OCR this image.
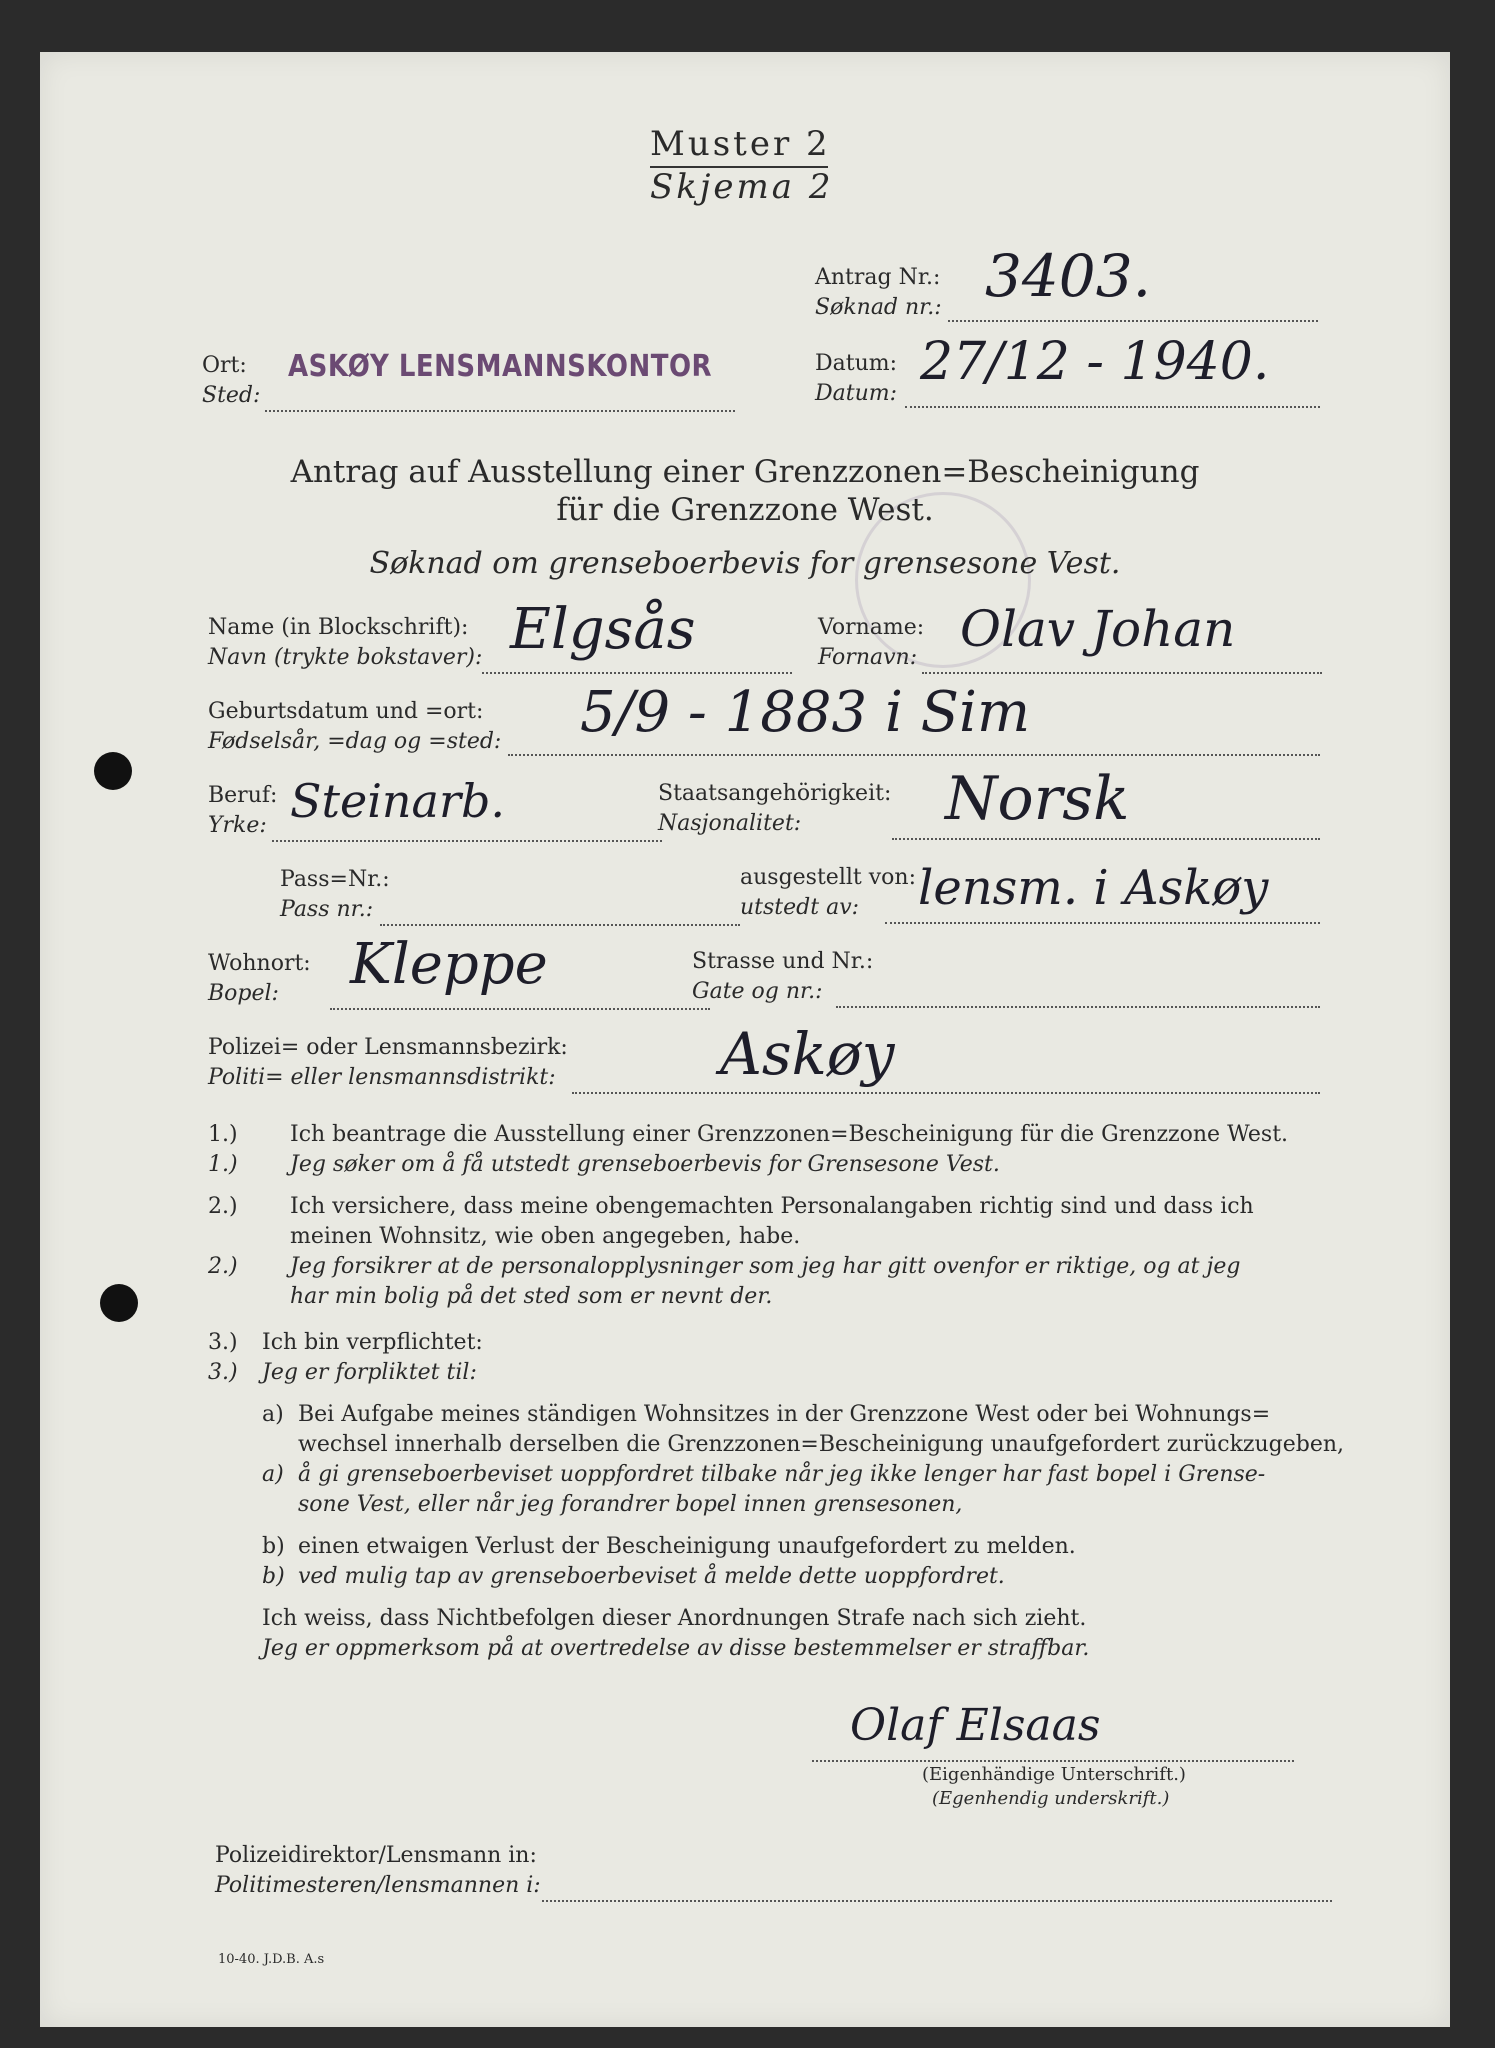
Muster 2
Skjema 2
Antrag Nr.:
Søknad nr.: 3403.
Ort:
Sted:
ASKØY LENSMANNSKONTOR	Datum:
Datum:
27/12 - 1940.
Antrag auf Ausstellung einer Grenzzonen=Bescheinigung
für die Grenzzone West.
Søknad om grenseboerbevis for grensesone Vest.
Name (in Blockschrift):
Navn (trykte bokstaver): Elgsås	Vorname:
Fornavn: Olav Johan
Geburtsdatum und =ort:
Fødselsår, =dag og =sted: 5/9 - 1883 i Sim
Beruf:
Yrke: Steinarb.	Staatsangehörigkeit:
Nasjonalitet: Norsk
Pass=Nr.:
Pass nr.:
ausgestellt von:
utstedt av: lensm. i Askøy
Wohnort:
Bopel: Kleppe	Strasse und Nr.:
Gate og nr.:
Polizei= oder Lensmannsbezirk:
Politi= eller lensmannsdistrikt:	Askøy
1.) Ich beantrage die Ausstellung einer Grenzzonen=Bescheinigung für die Grenzzone West.
1.) Jeg søker om å få utstedt grenseboerbevis for Grensesone Vest.
2.) Ich versichere, dass meine obengemachten Personalangaben richtig sind und dass ich
meinen Wohnsitz, wie oben angegeben, habe.
2.) Jeg forsikrer at de personalopplysninger som jeg har gitt ovenfor er riktige, og at jeg
har min bolig på det sted som er nevnt der.
3.) Ich bin verpflichtet:
3.) Jeg er forpliktet til:
a) Bei Aufgabe meines ständigen Wohnsitzes in der Grenzzone West oder bei Wohnungs=
wechsel innerhalb derselben die Grenzzonen=Bescheinigung unaufgefordert zurückzugeben,
a) å gi grenseboerbeviset uoppfordret tilbake når jeg ikke lenger har fast bopel i Grense-
sone Vest, eller når jeg forandrer bopel innen grensesonen,
b) einen etwaigen Verlust der Bescheinigung unaufgefordert zu melden.
b) ved mulig tap av grenseboerbeviset å melde dette uoppfordret.
Ich weiss, dass Nichtbefolgen dieser Anordnungen Strafe nach sich zieht.
Jeg er oppmerksom på at overtredelse av disse bestemmelser er straffbar.
Olaf Elsaas
(Eigenhändige Unterschrift.)
(Egenhendig underskrift.)
Polizeidirektor/Lensmann in:
Politimesteren/lensmannen i:
10-40. J.D.B. A.s
